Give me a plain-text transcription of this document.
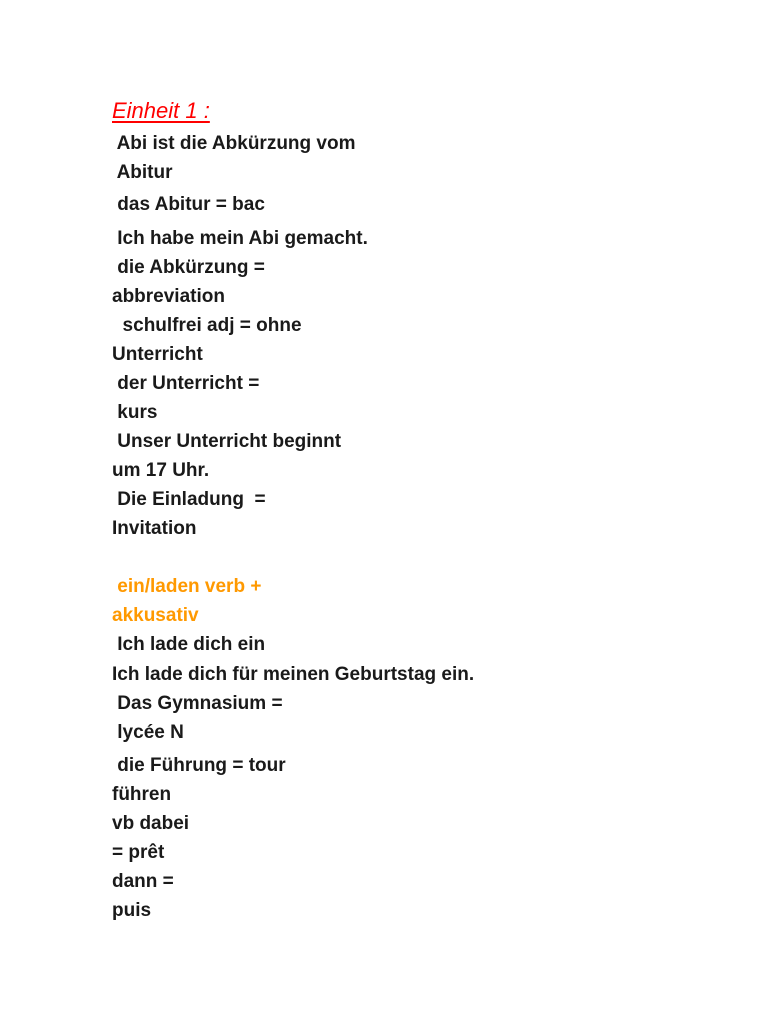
Einheit 1 :
Abi ist die Abkürzung vom
Abitur
das Abitur = bac
Ich habe mein Abi gemacht.
die Abkürzung =
abbreviation
schulfrei adj = ohne
Unterricht
der Unterricht =
kurs
Unser Unterricht beginnt
um 17 Uhr.
Die Einladung  =
Invitation
ein/laden verb +
akkusativ
Ich lade dich ein
Ich lade dich für meinen Geburtstag ein.
Das Gymnasium =
lycée N
die Führung = tour
führen
vb dabei
= prêt
dann =
puis
